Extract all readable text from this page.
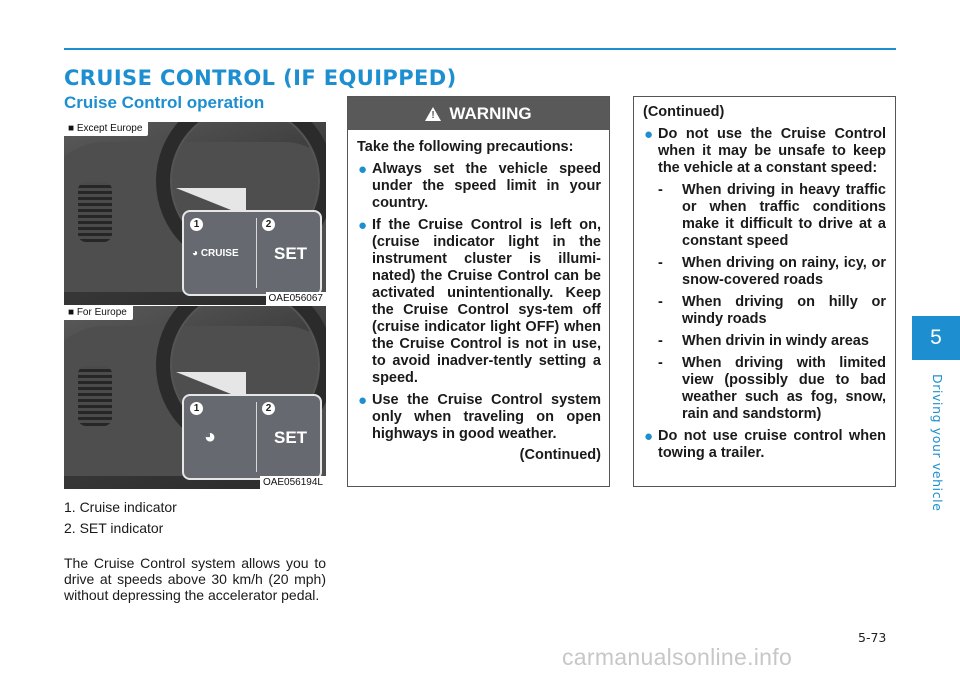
CRUISE CONTROL (IF EQUIPPED)
Cruise Control operation
1	2
◕ CRUISE SET
■ Except Europe
OAE056067
1	2
◕	SET
■ For Europe
OAE056194L
1. Cruise indicator
2. SET indicator

The Cruise Control system allows you to drive at speeds above 30 km/h (20 mph) without depressing the accelerator pedal.

! WARNING
Take the following precautions:
● Always set the vehicle speed under the speed limit in your country.
● If the Cruise Control is left on, (cruise indicator light in the instrument cluster is illumi-nated) the Cruise Control can be activated unintentionally. Keep the Cruise Control sys-tem off (cruise indicator light OFF) when the Cruise Control is not in use, to avoid inadver-tently setting a speed.
● Use the Cruise Control system only when traveling on open highways in good weather.
(Continued)
(Continued)
● Do not use the Cruise Control when it may be unsafe to keep the vehicle at a constant speed:
- When driving in heavy traffic or when traffic conditions make it difficult to drive at a constant speed
- When driving on rainy, icy, or snow-covered roads
- When driving on hilly or windy roads
- When drivin in windy areas
- When driving with limited view (possibly due to bad weather such as fog, snow, rain and sandstorm)
● Do not use cruise control when towing a trailer.
5
Driving your vehicle
5-73
carmanualsonline.info
